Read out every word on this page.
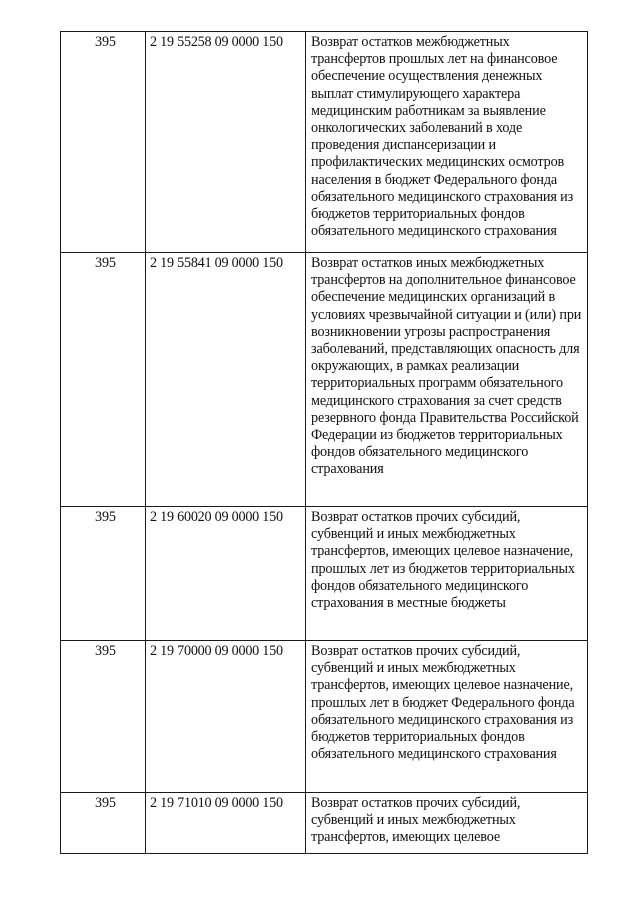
395	2 19 55258 09 0000 150	Возврат остатков межбюджетных трансфертов прошлых лет на финансовое обеспечение осуществления денежных выплат стимулирующего характера медицинским работникам за выявление онкологических заболеваний в ходе проведения диспансеризации и профилактических медицинских осмотров населения в бюджет Федерального фонда обязательного медицинского страхования из бюджетов территориальных фондов обязательного медицинского страхования
395	2 19 55841 09 0000 150	Возврат остатков иных межбюджетных трансфертов на дополнительное финансовое обеспечение медицинских организаций в условиях чрезвычайной ситуации и (или) при возникновении угрозы распространения заболеваний, представляющих опасность для окружающих, в рамках реализации территориальных программ обязательного медицинского страхования за счет средств резервного фонда Правительства Российской Федерации из бюджетов территориальных фондов обязательного медицинского страхования
395	2 19 60020 09 0000 150	Возврат остатков прочих субсидий, субвенций и иных межбюджетных трансфертов, имеющих целевое назначение, прошлых лет из бюджетов территориальных фондов обязательного медицинского страхования в местные бюджеты
395	2 19 70000 09 0000 150	Возврат остатков прочих субсидий, субвенций и иных межбюджетных трансфертов, имеющих целевое назначение, прошлых лет в бюджет Федерального фонда обязательного медицинского страхования из бюджетов территориальных фондов обязательного медицинского страхования
395	2 19 71010 09 0000 150	Возврат остатков прочих субсидий, субвенций и иных межбюджетных трансфертов, имеющих целевое
